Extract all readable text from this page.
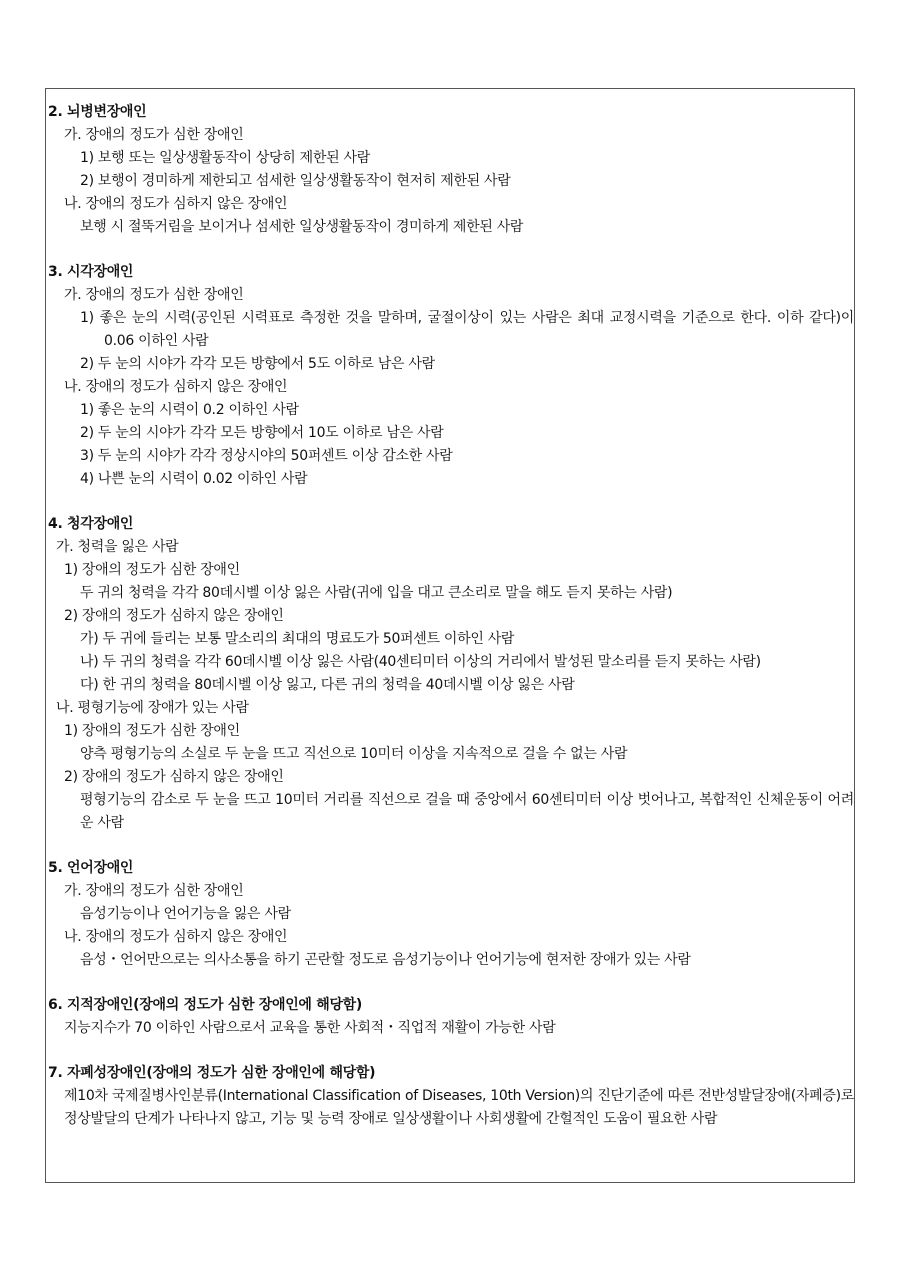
2. 뇌병변장애인
가. 장애의 정도가 심한 장애인
1) 보행 또는 일상생활동작이 상당히 제한된 사람
2) 보행이 경미하게 제한되고 섬세한 일상생활동작이 현저히 제한된 사람
나. 장애의 정도가 심하지 않은 장애인
보행 시 절뚝거림을 보이거나 섬세한 일상생활동작이 경미하게 제한된 사람
3. 시각장애인
가. 장애의 정도가 심한 장애인
1) 좋은 눈의 시력(공인된 시력표로 측정한 것을 말하며, 굴절이상이 있는 사람은 최대 교정시력을 기준으로 한다. 이하 같다)이 0.06 이하인 사람
2) 두 눈의 시야가 각각 모든 방향에서 5도 이하로 남은 사람
나. 장애의 정도가 심하지 않은 장애인
1) 좋은 눈의 시력이 0.2 이하인 사람
2) 두 눈의 시야가 각각 모든 방향에서 10도 이하로 남은 사람
3) 두 눈의 시야가 각각 정상시야의 50퍼센트 이상 감소한 사람
4) 나쁜 눈의 시력이 0.02 이하인 사람
4. 청각장애인
가. 청력을 잃은 사람
1) 장애의 정도가 심한 장애인
두 귀의 청력을 각각 80데시벨 이상 잃은 사람(귀에 입을 대고 큰소리로 말을 해도 듣지 못하는 사람)
2) 장애의 정도가 심하지 않은 장애인
가) 두 귀에 들리는 보통 말소리의 최대의 명료도가 50퍼센트 이하인 사람
나) 두 귀의 청력을 각각 60데시벨 이상 잃은 사람(40센티미터 이상의 거리에서 발성된 말소리를 듣지 못하는 사람)
다) 한 귀의 청력을 80데시벨 이상 잃고, 다른 귀의 청력을 40데시벨 이상 잃은 사람
나. 평형기능에 장애가 있는 사람
1) 장애의 정도가 심한 장애인
양측 평형기능의 소실로 두 눈을 뜨고 직선으로 10미터 이상을 지속적으로 걸을 수 없는 사람
2) 장애의 정도가 심하지 않은 장애인
평형기능의 감소로 두 눈을 뜨고 10미터 거리를 직선으로 걸을 때 중앙에서 60센티미터 이상 벗어나고, 복합적인 신체운동이 어려운 사람
5. 언어장애인
가. 장애의 정도가 심한 장애인
음성기능이나 언어기능을 잃은 사람
나. 장애의 정도가 심하지 않은 장애인
음성・언어만으로는 의사소통을 하기 곤란할 정도로 음성기능이나 언어기능에 현저한 장애가 있는 사람
6. 지적장애인(장애의 정도가 심한 장애인에 해당함)
지능지수가 70 이하인 사람으로서 교육을 통한 사회적・직업적 재활이 가능한 사람
7. 자폐성장애인(장애의 정도가 심한 장애인에 해당함)
제10차 국제질병사인분류(International Classification of Diseases, 10th Version)의 진단기준에 따른 전반성발달장애(자폐증)로 정상발달의 단계가 나타나지 않고, 기능 및 능력 장애로 일상생활이나 사회생활에 간헐적인 도움이 필요한 사람
